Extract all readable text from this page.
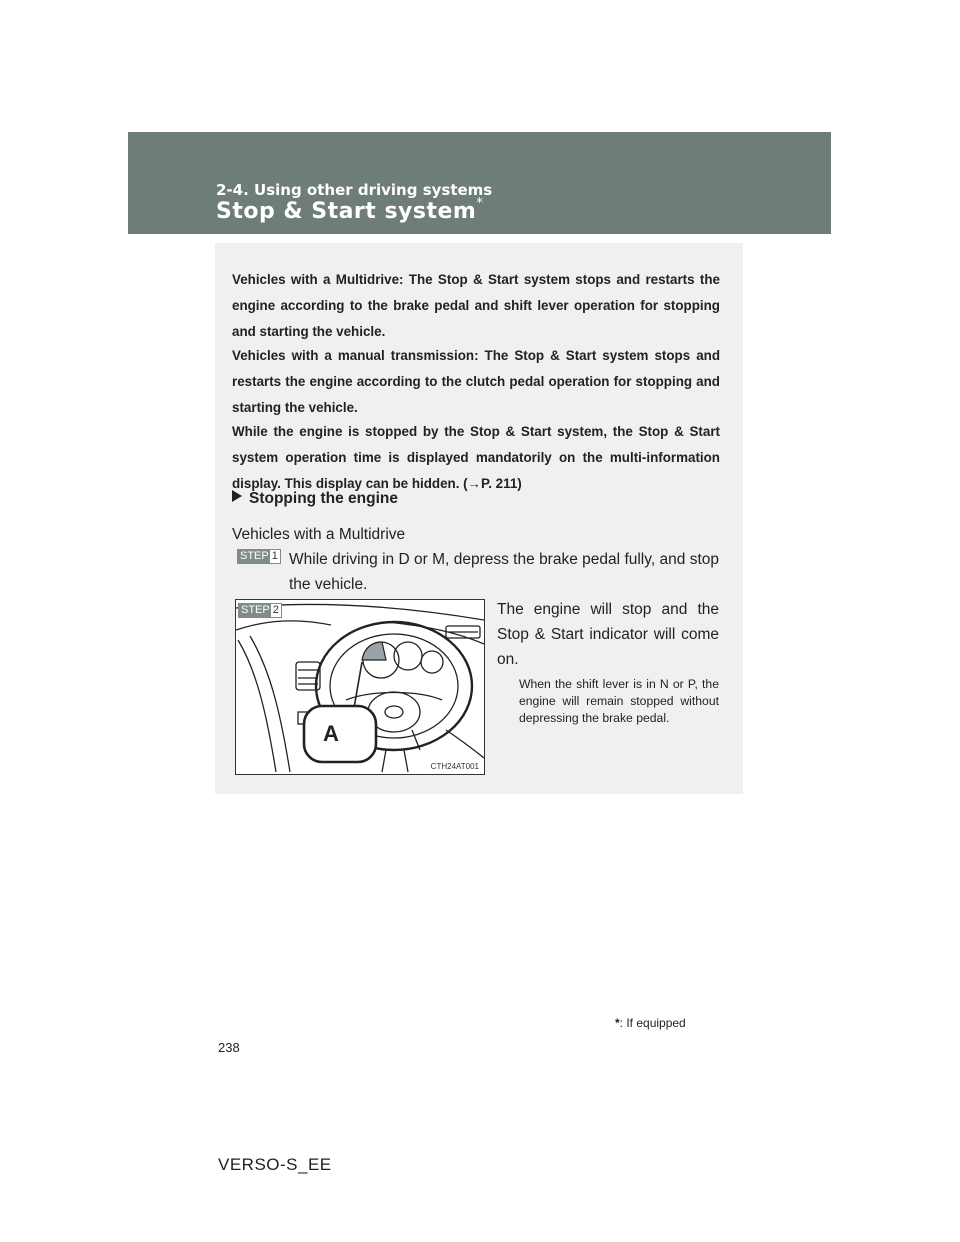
2-4. Using other driving systems
Stop & Start system*

Vehicles with a Multidrive: The Stop & Start system stops and restarts the engine according to the brake pedal and shift lever operation for stopping and starting the vehicle.

Vehicles with a manual transmission: The Stop & Start system stops and restarts the engine according to the clutch pedal operation for stopping and starting the vehicle.

While the engine is stopped by the Stop & Start system, the Stop & Start system operation time is displayed mandatorily on the multi-information display. This display can be hidden. (→P. 211)

Stopping the engine
Vehicles with a Multidrive
STEP 1 While driving in D or M, depress the brake pedal fully, and stop the vehicle.

STEP 2
CTH24AT001
A

The engine will stop and the Stop & Start indicator will come on.

When the shift lever is in N or P, the engine will remain stopped without depressing the brake pedal.

*: If equipped
238
VERSO-S_EE
